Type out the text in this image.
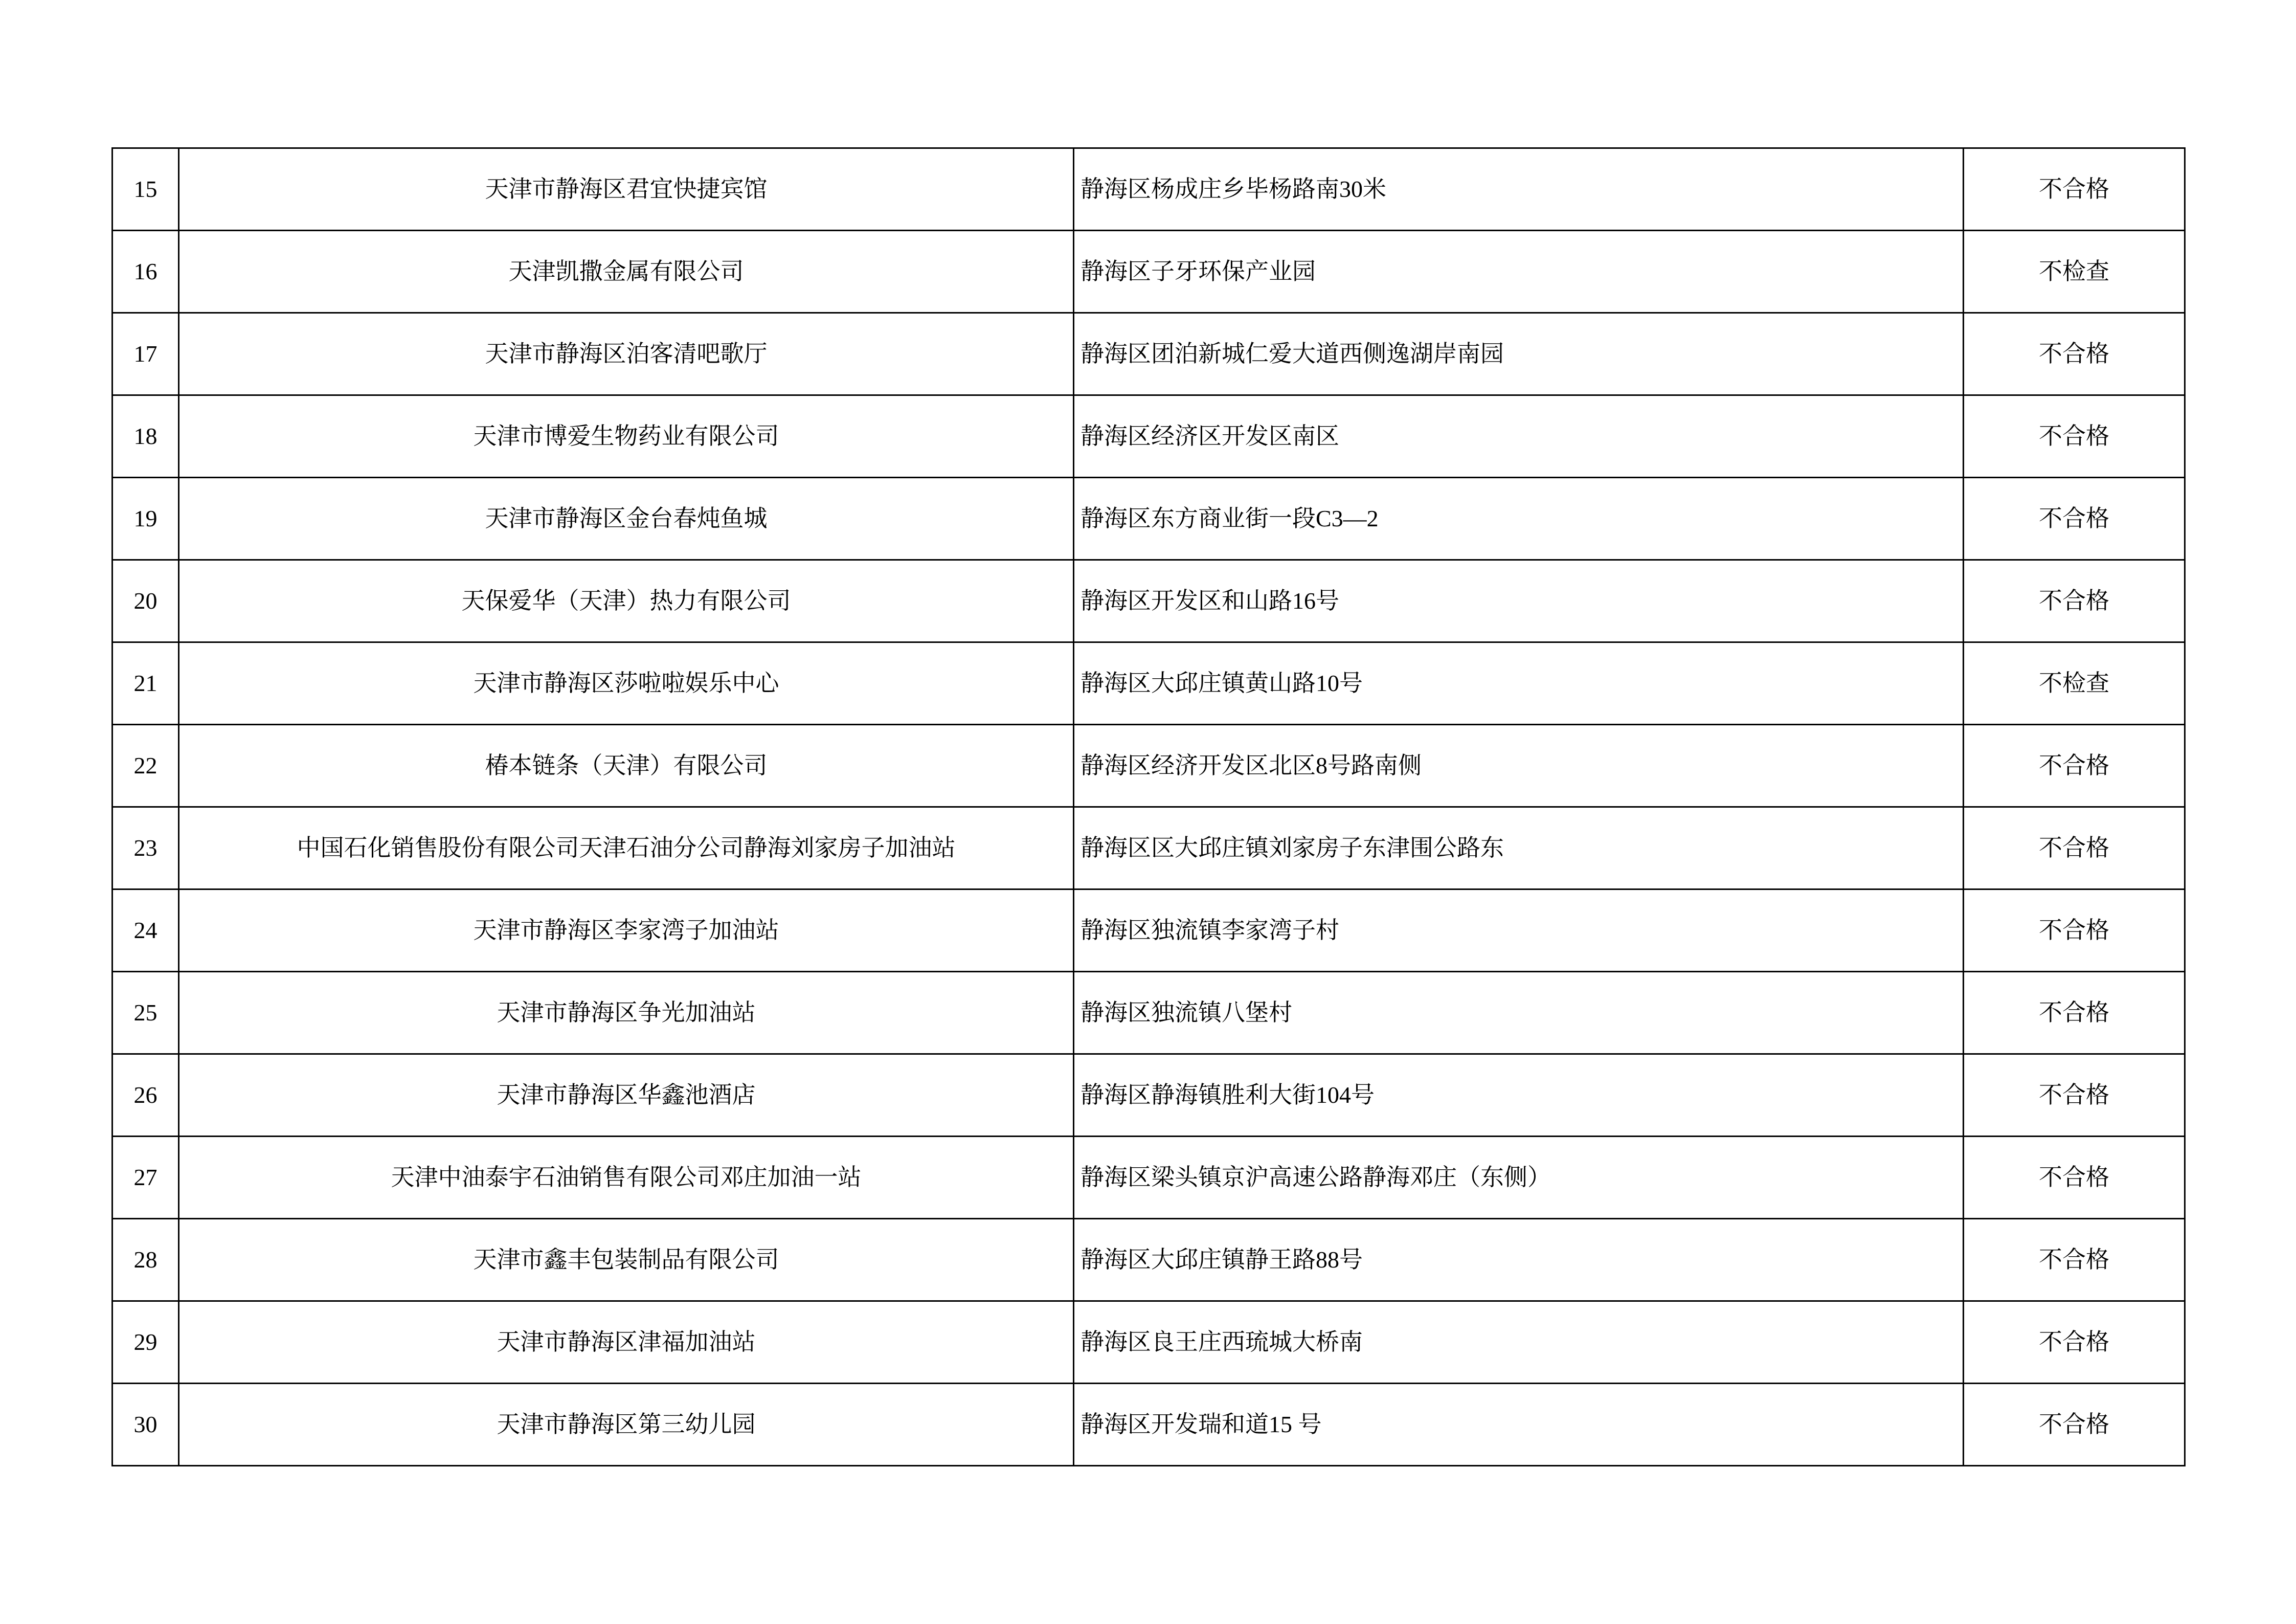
15	天津市静海区君宜快捷宾馆	静海区杨成庄乡毕杨路南30米	不合格
16	天津凯撒金属有限公司	静海区子牙环保产业园	不检查
17	天津市静海区泊客清吧歌厅	静海区团泊新城仁爱大道西侧逸湖岸南园	不合格
18	天津市博爱生物药业有限公司	静海区经济区开发区南区	不合格
19	天津市静海区金台春炖鱼城	静海区东方商业街一段C3—2	不合格
20	天保爱华（天津）热力有限公司	静海区开发区和山路16号	不合格
21	天津市静海区莎啦啦娱乐中心	静海区大邱庄镇黄山路10号	不检查
22	椿本链条（天津）有限公司	静海区经济开发区北区8号路南侧	不合格
23	中国石化销售股份有限公司天津石油分公司静海刘家房子加油站	静海区区大邱庄镇刘家房子东津围公路东	不合格
24	天津市静海区李家湾子加油站	静海区独流镇李家湾子村	不合格
25	天津市静海区争光加油站	静海区独流镇八堡村	不合格
26	天津市静海区华鑫池酒店	静海区静海镇胜利大街104号	不合格
27	天津中油泰宇石油销售有限公司邓庄加油一站	静海区梁头镇京沪高速公路静海邓庄（东侧）	不合格
28	天津市鑫丰包装制品有限公司	静海区大邱庄镇静王路88号	不合格
29	天津市静海区津福加油站	静海区良王庄西琉城大桥南	不合格
30	天津市静海区第三幼儿园	静海区开发瑞和道15 号	不合格
